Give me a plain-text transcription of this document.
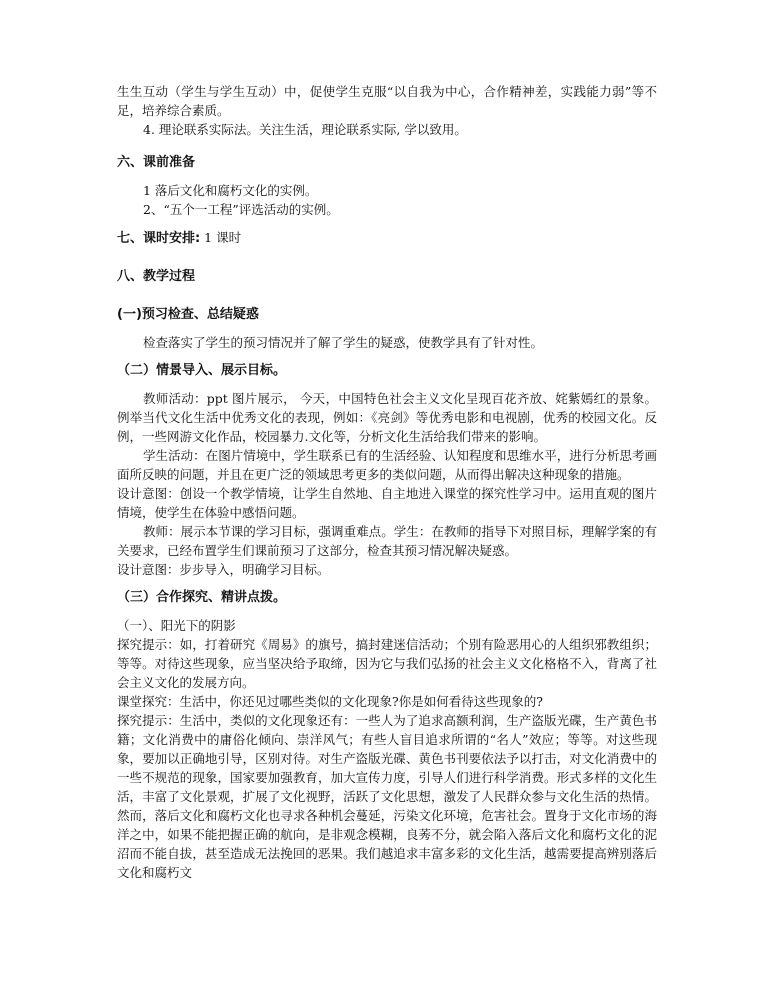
生生互动（学生与学生互动）中，促使学生克服“以自我为中心，合作精神差，实践能力弱”等不足，培养综合素质。

4. 理论联系实际法。关注生活，理论联系实际, 学以致用。

六、课前准备

1 落后文化和腐朽文化的实例。

2、“五个一工程”评选活动的实例。

七、课时安排: 1 课时

八、教学过程

(一)预习检查、总结疑惑

检查落实了学生的预习情况并了解了学生的疑惑，使教学具有了针对性。

（二）情景导入、展示目标。

教师活动：ppt 图片展示， 今天，中国特色社会主义文化呈现百花齐放、姹紫嫣红的景象。例举当代文化生活中优秀文化的表现，例如：《亮剑》等优秀电影和电视剧，优秀的校园文化。反例，一些网游文化作品，校园暴力.文化等，分析文化生活给我们带来的影响。

学生活动：在图片情境中，学生联系已有的生活经验、认知程度和思维水平，进行分析思考画面所反映的问题，并且在更广泛的领域思考更多的类似问题，从而得出解决这种现象的措施。

设计意图：创设一个教学情境，让学生自然地、自主地进入课堂的探究性学习中。运用直观的图片情境，使学生在体验中感悟问题。

教师：展示本节课的学习目标，强调重难点。学生：在教师的指导下对照目标，理解学案的有关要求，已经布置学生们课前预习了这部分，检查其预习情况解决疑惑。

设计意图：步步导入，明确学习目标。

（三）合作探究、精讲点拨。

（一）、阳光下的阴影

探究提示：如，打着研究《周易》的旗号，搞封建迷信活动；个别有险恶用心的人组织邪教组织；等等。对待这些现象，应当坚决给予取缔，因为它与我们弘扬的社会主义文化格格不入，背离了社会主义文化的发展方向。

课堂探究：生活中，你还见过哪些类似的文化现象?你是如何看待这些现象的?

探究提示：生活中，类似的文化现象还有：一些人为了追求高额利润，生产盗版光碟，生产黄色书籍；文化消费中的庸俗化倾向、崇洋风气；有些人盲目追求所谓的“名人”效应；等等。对这些现象，要加以正确地引导，区别对待。对生产盗版光碟、黄色书刊要依法予以打击，对文化消费中的一些不规范的现象，国家要加强教育，加大宣传力度，引导人们进行科学消费。形式多样的文化生活，丰富了文化景观，扩展了文化视野，活跃了文化思想，激发了人民群众参与文化生活的热情。然而，落后文化和腐朽文化也寻求各种机会蔓延，污染文化环境，危害社会。置身于文化市场的海洋之中，如果不能把握正确的航向，是非观念模糊，良莠不分，就会陷入落后文化和腐朽文化的泥沼而不能自拔，甚至造成无法挽回的恶果。我们越追求丰富多彩的文化生活，越需要提高辨别落后文化和腐朽文
